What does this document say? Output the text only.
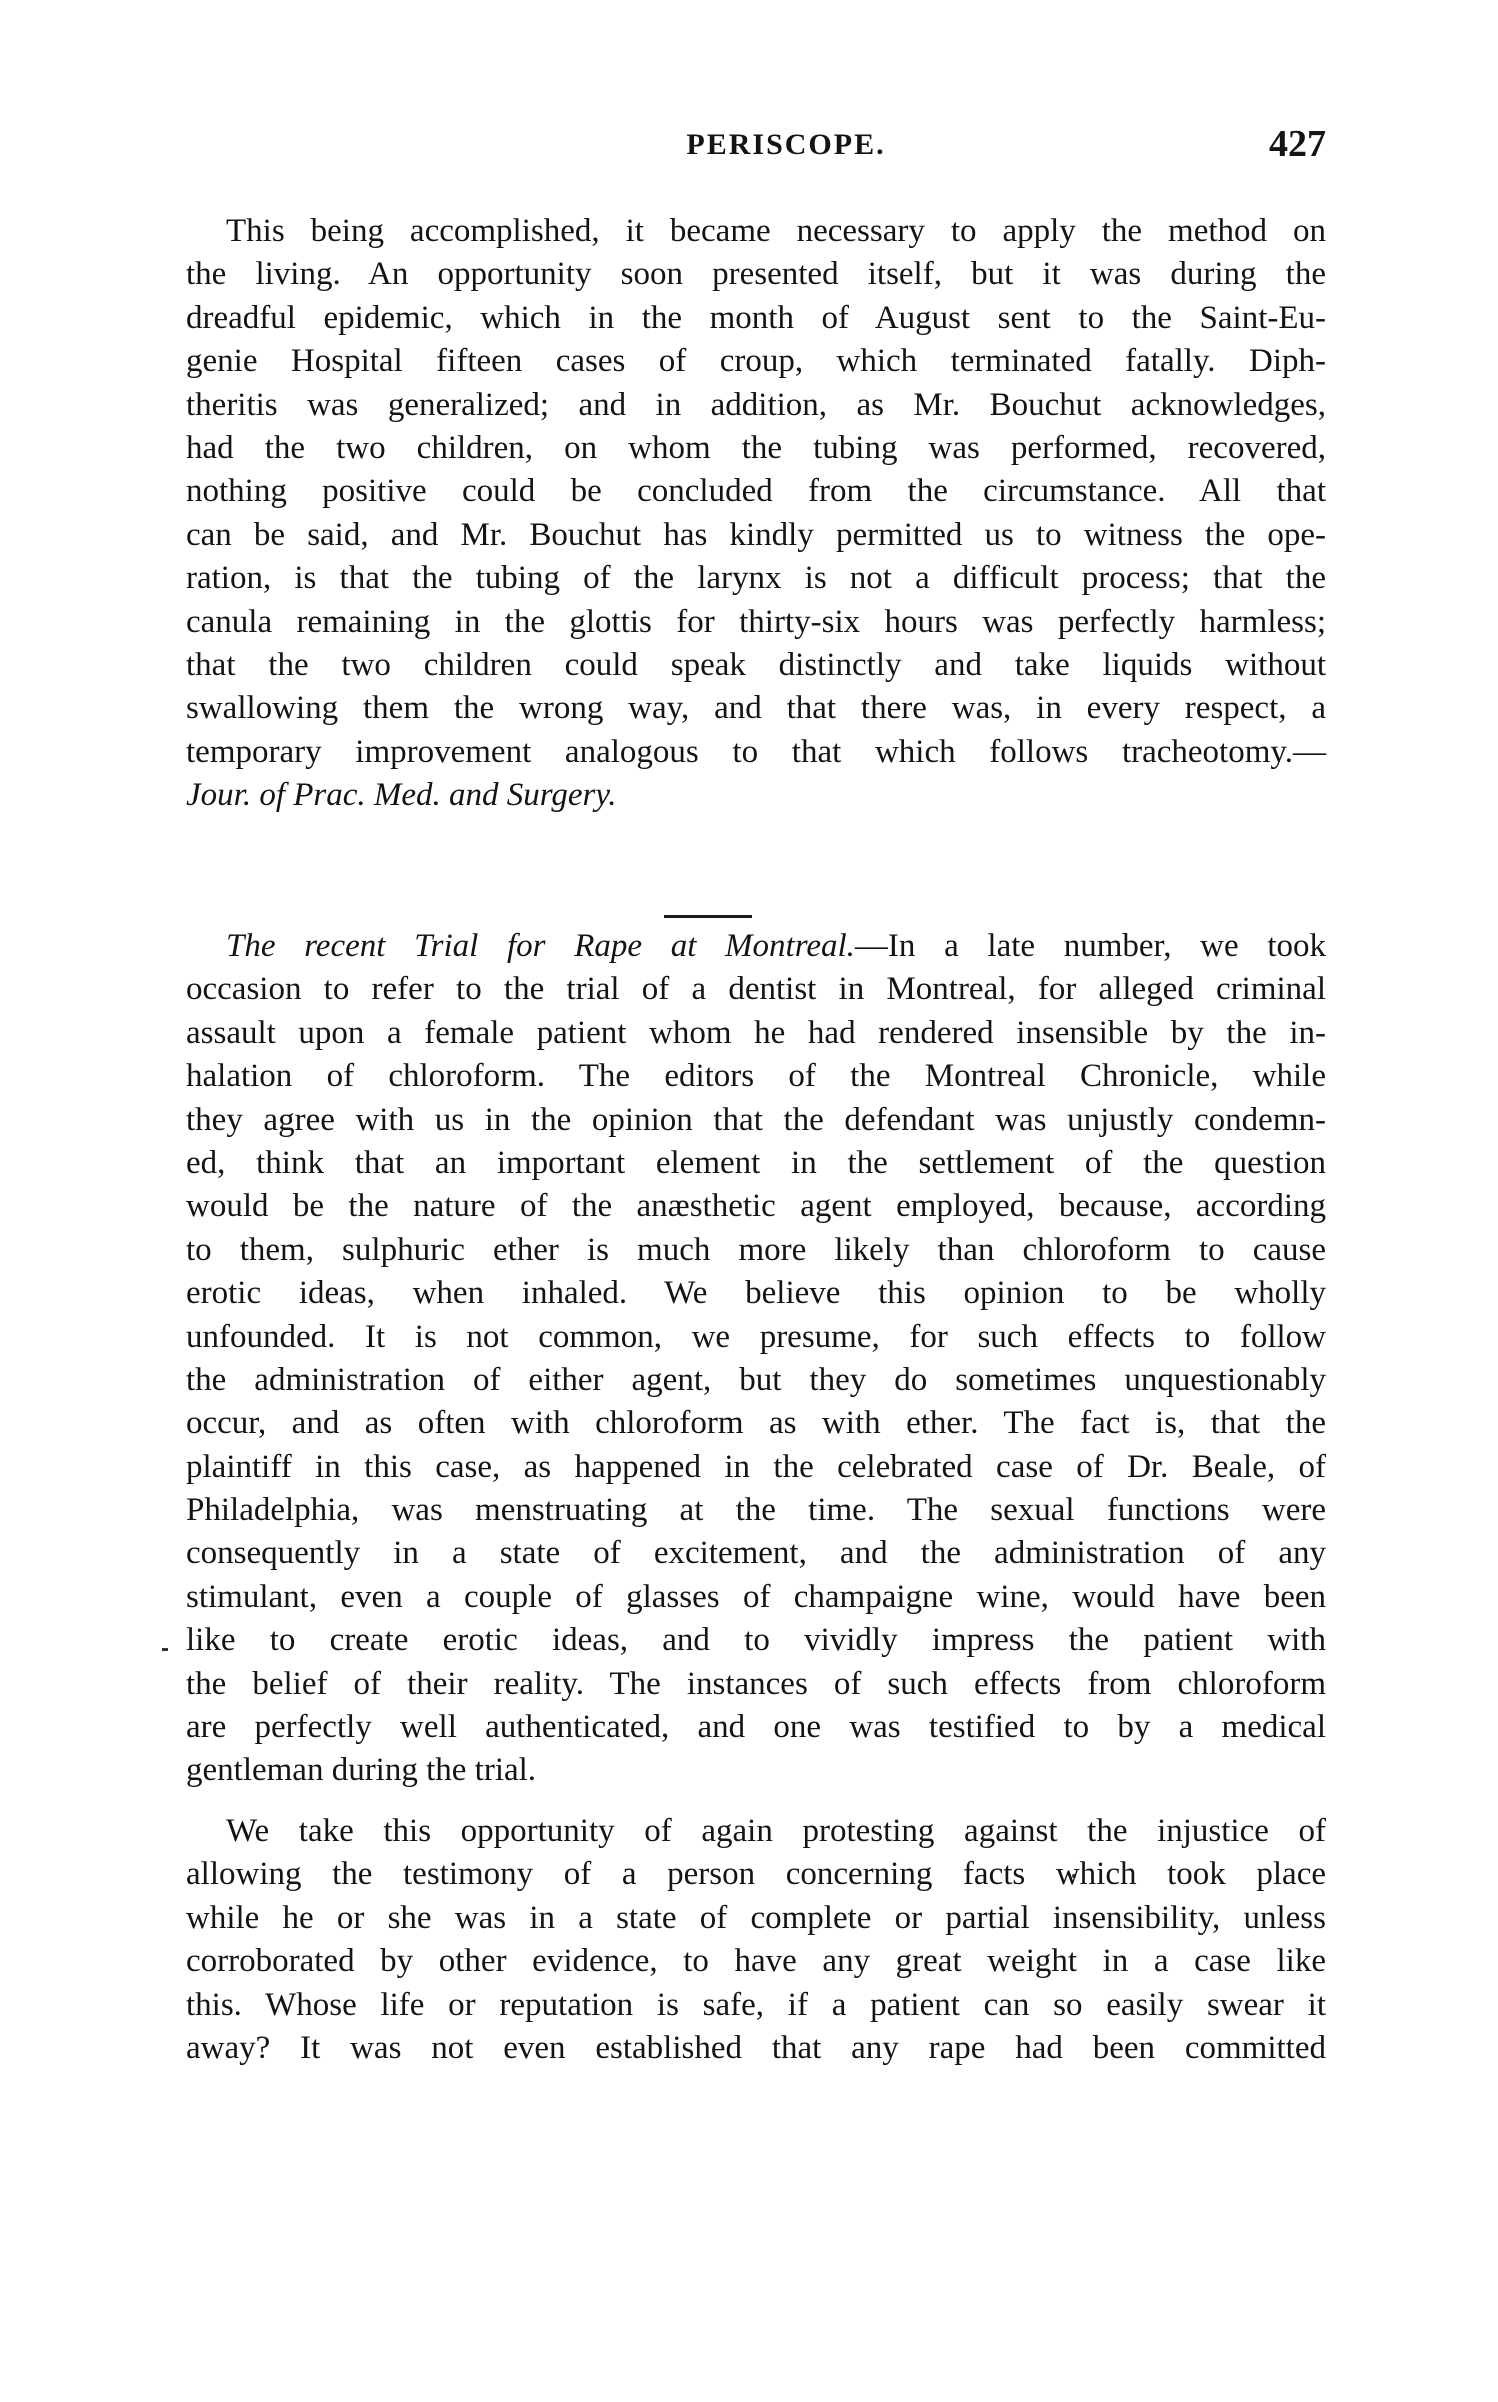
PERISCOPE.	427
This being accomplished, it became necessary to apply the method on
the living. An opportunity soon presented itself, but it was during the
dreadful epidemic, which in the month of August sent to the Saint-Eu-
genie Hospital fifteen cases of croup, which terminated fatally. Diph-
theritis was generalized; and in addition, as Mr. Bouchut acknowledges,
had the two children, on whom the tubing was performed, recovered,
nothing positive could be concluded from the circumstance. All that
can be said, and Mr. Bouchut has kindly permitted us to witness the ope-
ration, is that the tubing of the larynx is not a difficult process; that the
canula remaining in the glottis for thirty-six hours was perfectly harmless;
that the two children could speak distinctly and take liquids without
swallowing them the wrong way, and that there was, in every respect, a
temporary improvement analogous to that which follows tracheotomy.—
Jour. of Prac. Med. and Surgery.
The recent Trial for Rape at Montreal.—In a late number, we took
occasion to refer to the trial of a dentist in Montreal, for alleged criminal
assault upon a female patient whom he had rendered insensible by the in-
halation of chloroform. The editors of the Montreal Chronicle, while
they agree with us in the opinion that the defendant was unjustly condemn-
ed, think that an important element in the settlement of the question
would be the nature of the anæsthetic agent employed, because, according
to them, sulphuric ether is much more likely than chloroform to cause
erotic ideas, when inhaled. We believe this opinion to be wholly
unfounded. It is not common, we presume, for such effects to follow
the administration of either agent, but they do sometimes unquestionably
occur, and as often with chloroform as with ether. The fact is, that the
plaintiff in this case, as happened in the celebrated case of Dr. Beale, of
Philadelphia, was menstruating at the time. The sexual functions were
consequently in a state of excitement, and the administration of any
stimulant, even a couple of glasses of champaigne wine, would have been
like to create erotic ideas, and to vividly impress the patient with
the belief of their reality. The instances of such effects from chloroform
are perfectly well authenticated, and one was testified to by a medical
gentleman during the trial.
We take this opportunity of again protesting against the injustice of
allowing the testimony of a person concerning facts which took place
while he or she was in a state of complete or partial insensibility, unless
corroborated by other evidence, to have any great weight in a case like
this. Whose life or reputation is safe, if a patient can so easily swear it
away? It was not even established that any rape had been committed
